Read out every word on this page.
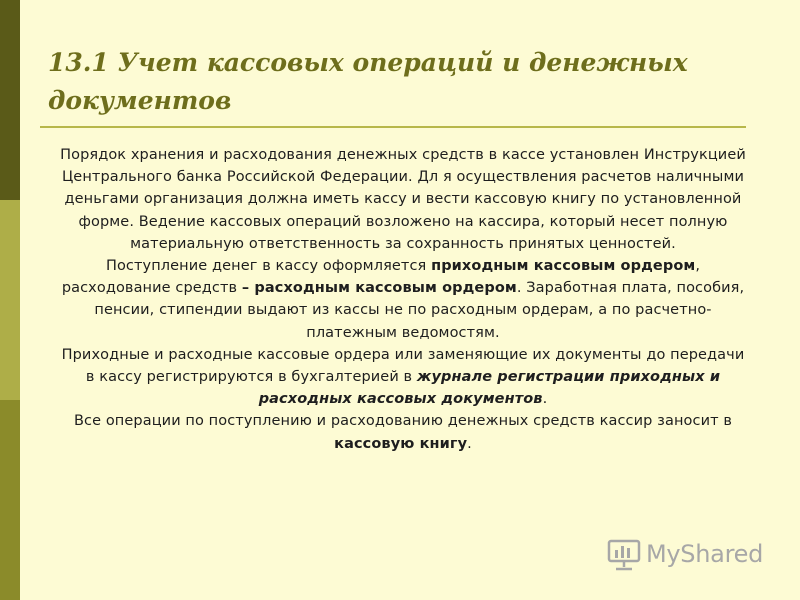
13.1 Учет кассовых операций и денежных документов

Порядок хранения и расходования денежных средств в кассе установлен Инструкцией Центрального банка Российской Федерации. Дл я осуществления расчетов наличными деньгами организация должна иметь кассу и вести кассовую книгу по установленной форме. Ведение кассовых операций возложено на кассира, который несет полную материальную ответственность за сохранность принятых ценностей.

Поступление денег в кассу оформляется приходным кассовым ордером, расходование средств – расходным кассовым ордером. Заработная плата, пособия, пенсии, стипендии выдают из кассы не по расходным ордерам, а по расчетно-платежным ведомостям.

Приходные и расходные кассовые ордера или заменяющие их документы до передачи в кассу регистрируются в бухгалтерией в журнале регистрации приходных и расходных кассовых документов.

Все операции по поступлению и расходованию денежных средств кассир заносит в кассовую книгу.

MyShared
